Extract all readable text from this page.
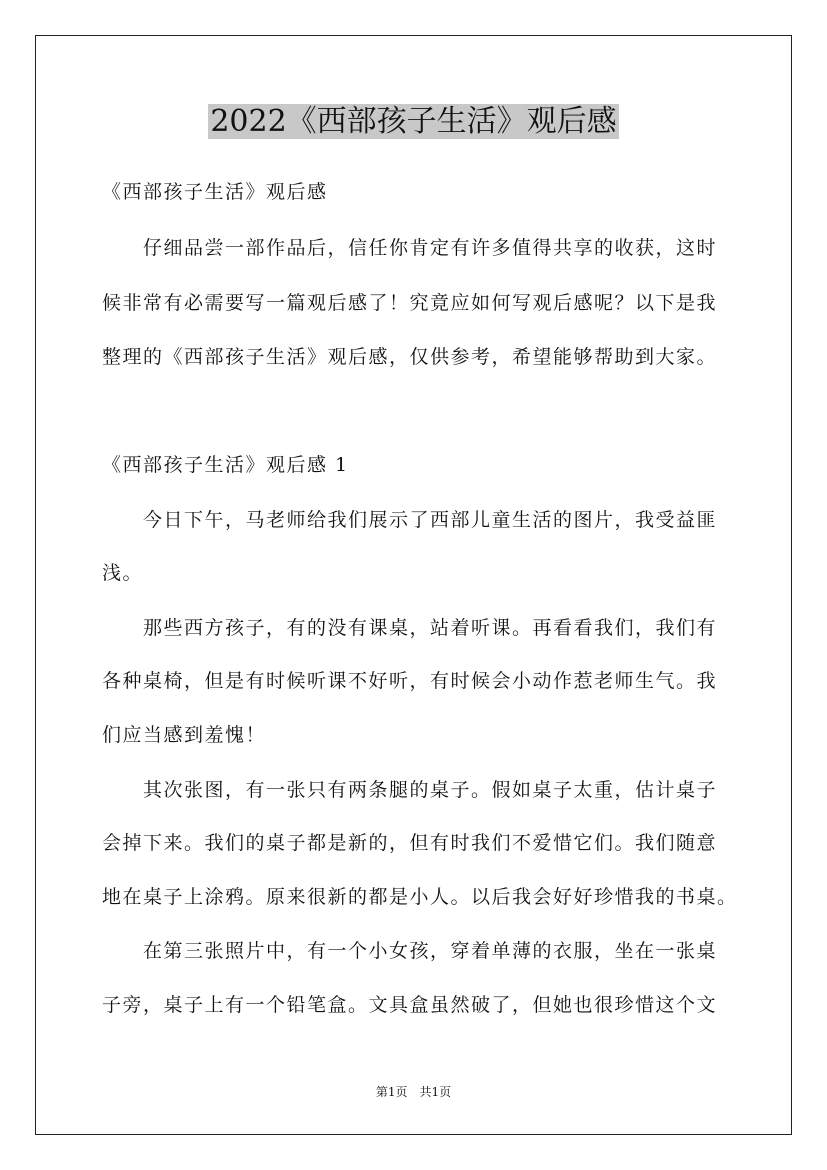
2022《西部孩子生活》观后感

《西部孩子生活》观后感

仔细品尝一部作品后，信任你肯定有许多值得共享的收获，这时

候非常有必需要写一篇观后感了！究竟应如何写观后感呢？以下是我

整理的《西部孩子生活》观后感，仅供参考，希望能够帮助到大家。

《西部孩子生活》观后感 1

今日下午，马老师给我们展示了西部儿童生活的图片，我受益匪

浅。

那些西方孩子，有的没有课桌，站着听课。再看看我们，我们有

各种桌椅，但是有时候听课不好听，有时候会小动作惹老师生气。我

们应当感到羞愧！

其次张图，有一张只有两条腿的桌子。假如桌子太重，估计桌子

会掉下来。我们的桌子都是新的，但有时我们不爱惜它们。我们随意

地在桌子上涂鸦。原来很新的都是小人。以后我会好好珍惜我的书桌。

在第三张照片中，有一个小女孩，穿着单薄的衣服，坐在一张桌

子旁，桌子上有一个铅笔盒。文具盒虽然破了，但她也很珍惜这个文

第1页　共1页
